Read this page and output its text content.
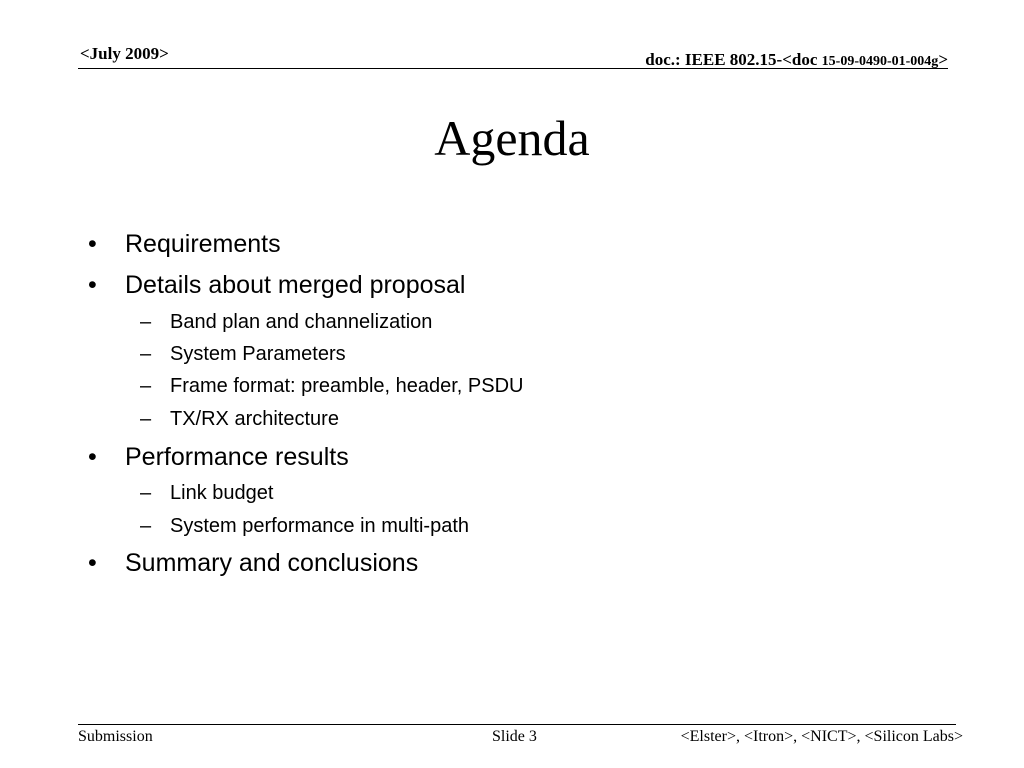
<July 2009>	doc.: IEEE 802.15-<doc 15-09-0490-01-004g>
Agenda
• Requirements
• Details about merged proposal
– Band plan and channelization
– System Parameters
– Frame format: preamble, header, PSDU
– TX/RX architecture
• Performance results
– Link budget
– System performance in multi-path
• Summary and conclusions
Submission	Slide 3	<Elster>, <Itron>, <NICT>, <Silicon Labs>
